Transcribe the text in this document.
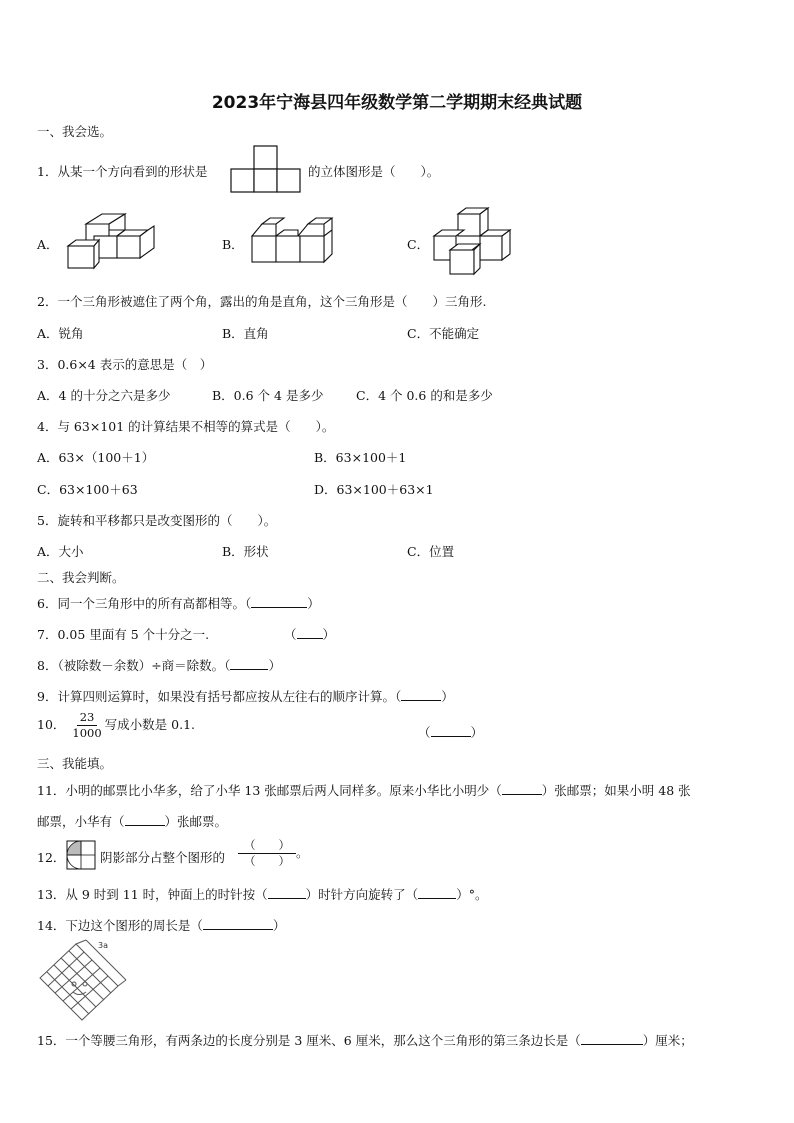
2023年宁海县四年级数学第二学期期末经典试题
一、我会选。
1．从某一个方向看到的形状是	的立体图形是（　　）。
A．	B．	C．
2．一个三角形被遮住了两个角，露出的角是直角，这个三角形是（　　）三角形.
A．锐角	B．直角	C．不能确定
3．0.6×4 表示的意思是（　）
A．4 的十分之六是多少	B．0.6 个 4 是多少	C．4 个 0.6 的和是多少
4．与 63×101 的计算结果不相等的算式是（　　）。
A．63×（100＋1）	B．63×100＋1
C．63×100＋63	D．63×100＋63×1
5．旋转和平移都只是改变图形的（　　）。
A．大小	B．形状	C．位置
二、我会判断。
6．同一个三角形中的所有高都相等。（	）
7．0.05 里面有 5 个十分之一.	（ ）
8．（被除数－余数）÷商＝除数。（	）
9．计算四则运算时，如果没有括号都应按从左往右的顺序计算。（	）
10． $\frac{23}{1000}$ 写成小数是 0.1.
（	）
三、我能填。
11．小明的邮票比小华多，给了小华 13 张邮票后两人同样多。原来小华比小明少（	）张邮票；如果小明 48 张
邮票，小华有（	）张邮票。
12．	阴影部分占整个图形的 $\frac{( )}{( )}$ 。
13．从 9 时到 11 时，钟面上的时针按（	）时针方向旋转了（	）°。
14．下边这个图形的周长是（	）
3a
15．一个等腰三角形，有两条边的长度分别是 3 厘米、6 厘米，那么这个三角形的第三条边长是（	）厘米；
